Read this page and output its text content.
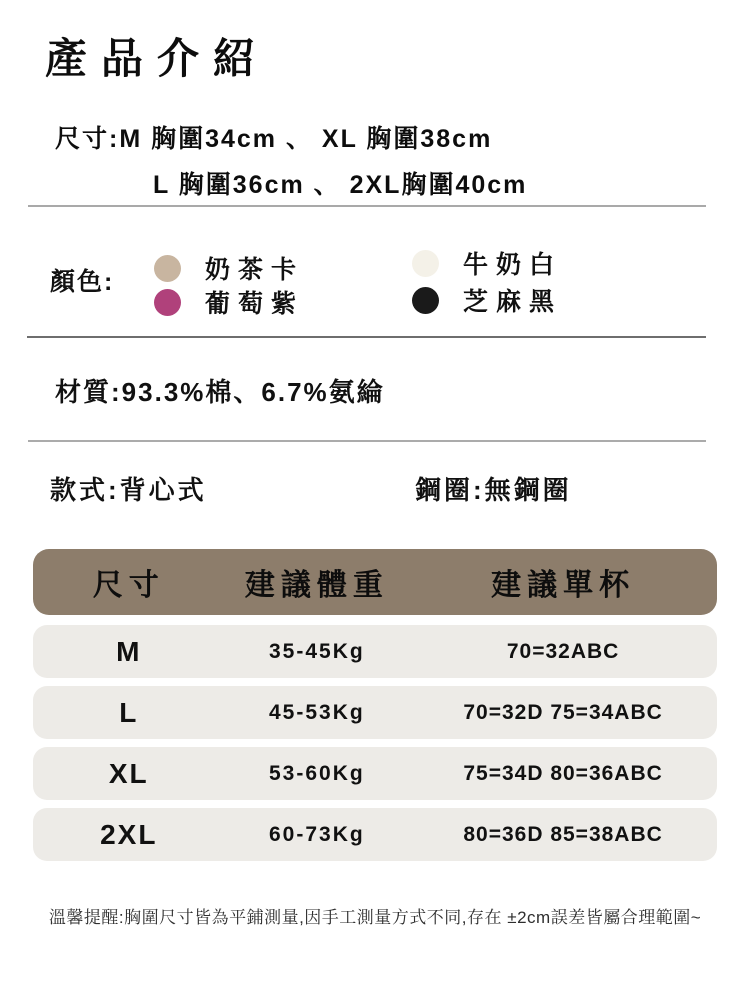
產品介紹
尺寸:M 胸圍34cm 、 XL 胸圍38cm
L 胸圍36cm 、 2XL胸圍40cm
顏色:	奶茶卡	牛奶白
葡萄紫	芝麻黑
材質:93.3%棉、6.7%氨綸
款式:背心式	鋼圈:無鋼圈
尺寸	建議體重	建議單杯
M	35-45Kg	70=32ABC
L	45-53Kg	70=32D 75=34ABC
XL	53-60Kg	75=34D 80=36ABC
2XL	60-73Kg	80=36D 85=38ABC
溫馨提醒:胸圍尺寸皆為平鋪測量,因手工測量方式不同,存在 ±2cm誤差皆屬合理範圍~
